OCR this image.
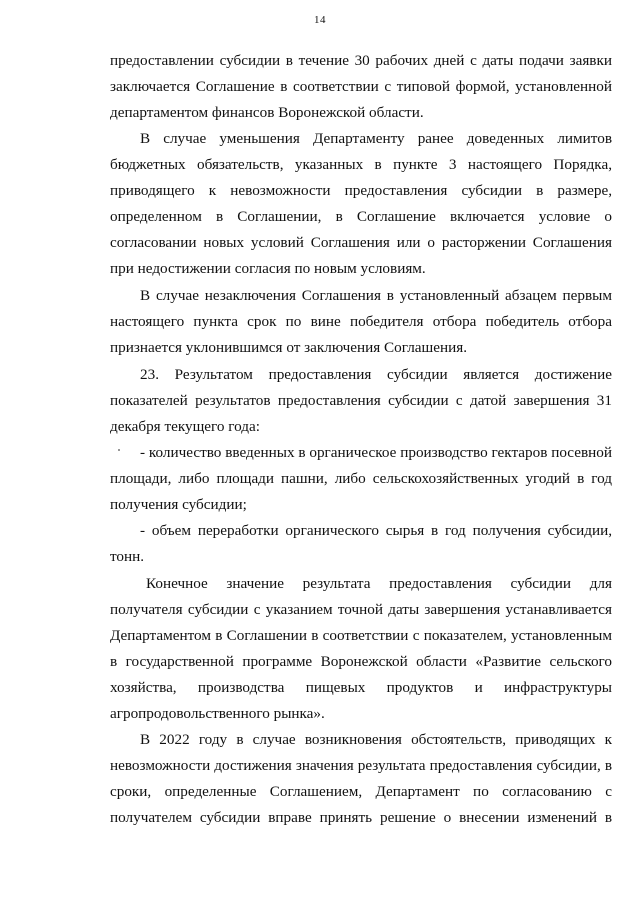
14
предоставлении субсидии в течение 30 рабочих дней с даты подачи заявки
заключается Соглашение в соответствии с типовой формой, установленной
департаментом финансов Воронежской области.
В случае уменьшения Департаменту ранее доведенных лимитов
бюджетных обязательств, указанных в пункте 3 настоящего Порядка,
приводящего к невозможности предоставления субсидии в размере,
определенном в Соглашении, в Соглашение включается условие о
согласовании новых условий Соглашения или о расторжении Соглашения
при недостижении согласия по новым условиям.
В случае незаключения Соглашения в установленный абзацем первым
настоящего пункта срок по вине победителя отбора победитель отбора
признается уклонившимся от заключения Соглашения.
23. Результатом предоставления субсидии является достижение
показателей результатов предоставления субсидии с датой завершения 31
декабря текущего года:
- количество введенных в органическое производство гектаров посевной
площади, либо площади пашни, либо сельскохозяйственных угодий в год
получения субсидии;
- объем переработки органического сырья в год получения субсидии,
тонн.
Конечное значение результата предоставления субсидии для
получателя субсидии с указанием точной даты завершения устанавливается
Департаментом в Соглашении в соответствии с показателем, установленным
в государственной программе Воронежской области «Развитие сельского
хозяйства, производства пищевых продуктов и инфраструктуры
агропродовольственного рынка».
В 2022 году в случае возникновения обстоятельств, приводящих к
невозможности достижения значения результата предоставления субсидии, в
сроки, определенные Соглашением, Департамент по согласованию с
получателем субсидии вправе принять решение о внесении изменений в
